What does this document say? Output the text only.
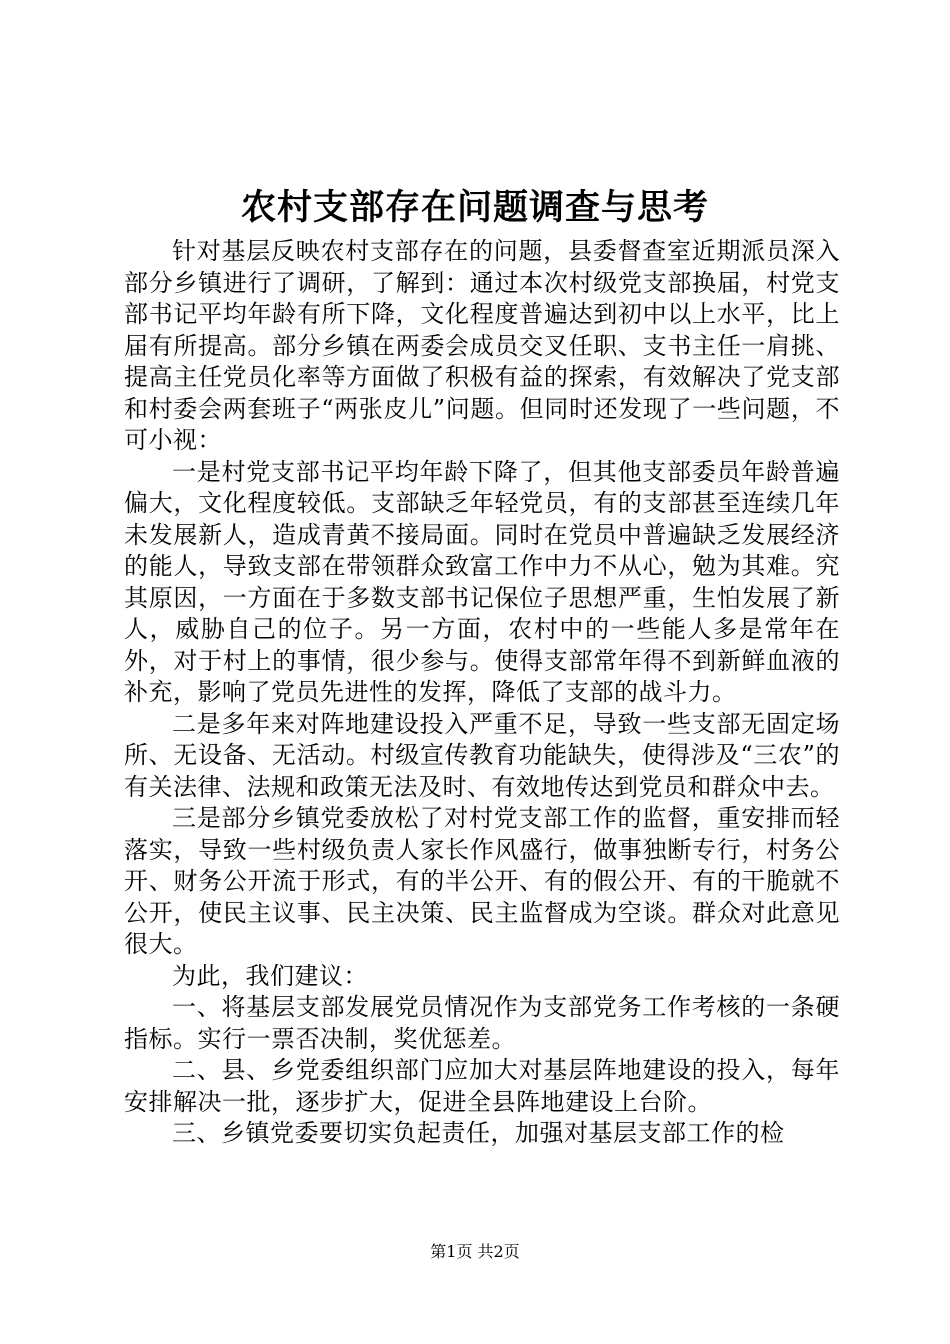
农村支部存在问题调查与思考

针对基层反映农村支部存在的问题，县委督查室近期派员深入部分乡镇进行了调研，了解到：通过本次村级党支部换届，村党支部书记平均年龄有所下降，文化程度普遍达到初中以上水平，比上届有所提高。部分乡镇在两委会成员交叉任职、支书主任一肩挑、提高主任党员化率等方面做了积极有益的探索，有效解决了党支部和村委会两套班子“两张皮儿”问题。但同时还发现了一些问题，不可小视：

一是村党支部书记平均年龄下降了，但其他支部委员年龄普遍偏大，文化程度较低。支部缺乏年轻党员，有的支部甚至连续几年未发展新人，造成青黄不接局面。同时在党员中普遍缺乏发展经济的能人，导致支部在带领群众致富工作中力不从心，勉为其难。究其原因，一方面在于多数支部书记保位子思想严重，生怕发展了新人，威胁自己的位子。另一方面，农村中的一些能人多是常年在外，对于村上的事情，很少参与。使得支部常年得不到新鲜血液的补充，影响了党员先进性的发挥，降低了支部的战斗力。

二是多年来对阵地建设投入严重不足，导致一些支部无固定场所、无设备、无活动。村级宣传教育功能缺失，使得涉及“三农”的有关法律、法规和政策无法及时、有效地传达到党员和群众中去。

三是部分乡镇党委放松了对村党支部工作的监督，重安排而轻落实，导致一些村级负责人家长作风盛行，做事独断专行，村务公开、财务公开流于形式，有的半公开、有的假公开、有的干脆就不公开，使民主议事、民主决策、民主监督成为空谈。群众对此意见很大。

为此，我们建议：

一、将基层支部发展党员情况作为支部党务工作考核的一条硬指标。实行一票否决制，奖优惩差。

二、县、乡党委组织部门应加大对基层阵地建设的投入，每年安排解决一批，逐步扩大，促进全县阵地建设上台阶。

三、乡镇党委要切实负起责任，加强对基层支部工作的检

第1页 共2页
